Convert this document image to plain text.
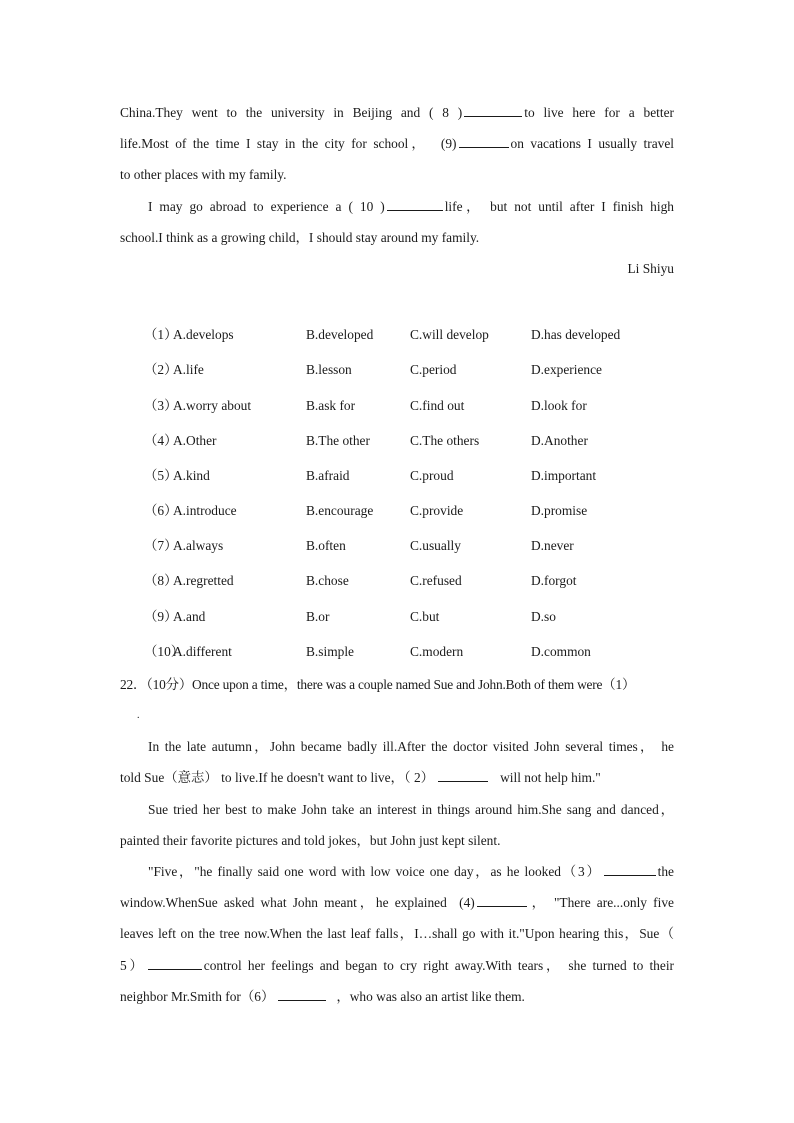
China.They went to the university in Beijing and ( 8 )	to live here for a better
life.Most of the time I stay in the city for school，  (9)	on vacations I usually travel
to other places with my family.
I may go abroad to experience a ( 10 )	life， but not until after I finish high
school.I think as a growing child，I should stay around my family.
Li Shiyu
（1）
A.develops	B.developed	C.will develop	D.has developed
（2）
A.life	B.lesson	C.period	D.experience
（3）
A.worry about	B.ask for	C.find out	D.look for
（4）
A.Other	B.The other	C.The others	D.Another
（5）
A.kind	B.afraid	C.proud	D.important
（6）
A.introduce	B.encourage	C.provide	D.promise
（7）
A.always	B.often	C.usually	D.never
（8）
A.regretted	B.chose	C.refused	D.forgot
（9）
A.and	B.or	C.but	D.so
（10）
A.different	B.simple	C.modern	D.common
22．（10分）Once upon a time，there was a couple named Sue and John.Both of them were（1）
.
In the late autumn，John became badly ill.After the doctor visited John several times， he
told Sue（意志） to live.If he doesn't want to live，（ 2）	will not help him."
Sue tried her best to make John take an interest in things around him.She sang and danced，
painted their favorite pictures and told jokes，but John just kept silent.
"Five，"he finally said one word with low voice one day，as he looked（3）	the
window.WhenSue asked what John meant，he explained  (4)	， "There are...only five
leaves left on the tree now.When the last leaf falls，I…shall go with it."Upon hearing this，Sue（
5）	control her feelings and began to cry right away.With tears， she turned to their
neighbor Mr.Smith for（6）	，who was also an artist like them.
